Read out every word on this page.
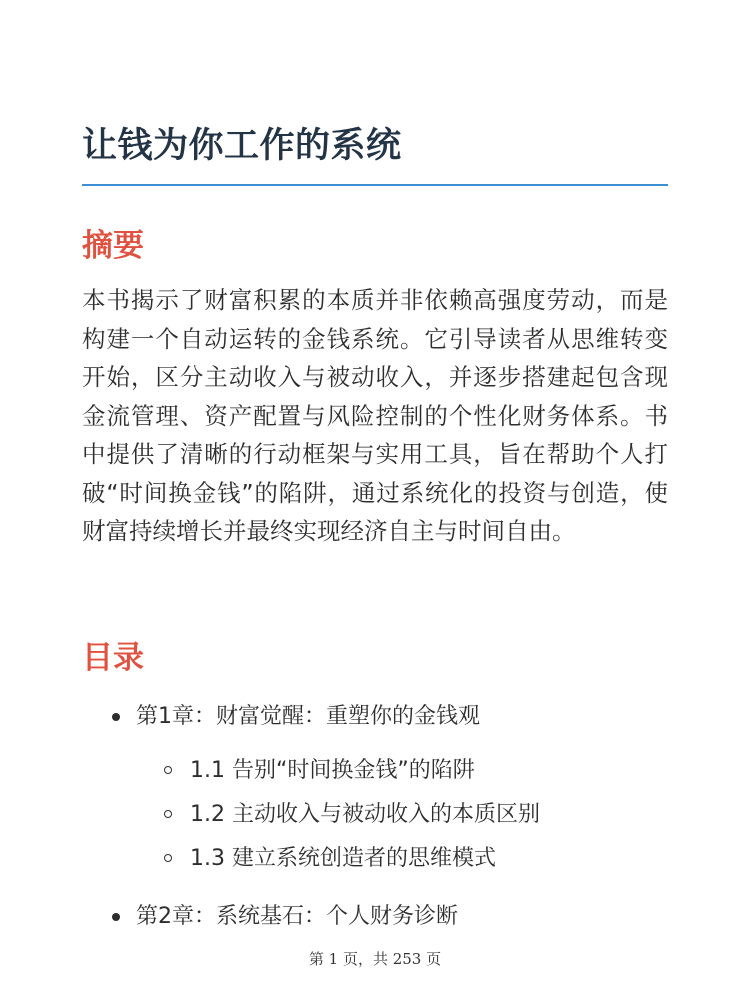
让钱为你工作的系统
摘要

本书揭示了财富积累的本质并非依赖高强度劳动，而是构建一个自动运转的金钱系统。它引导读者从思维转变开始，区分主动收入与被动收入，并逐步搭建起包含现金流管理、资产配置与风险控制的个性化财务体系。书中提供了清晰的行动框架与实用工具，旨在帮助个人打破“时间换金钱”的陷阱，通过系统化的投资与创造，使财富持续增长并最终实现经济自主与时间自由。

目录
第1章：财富觉醒：重塑你的金钱观
1.1 告别“时间换金钱”的陷阱
1.2 主动收入与被动收入的本质区别
1.3 建立系统创造者的思维模式
第2章：系统基石：个人财务诊断
第 1 页，共 253 页
